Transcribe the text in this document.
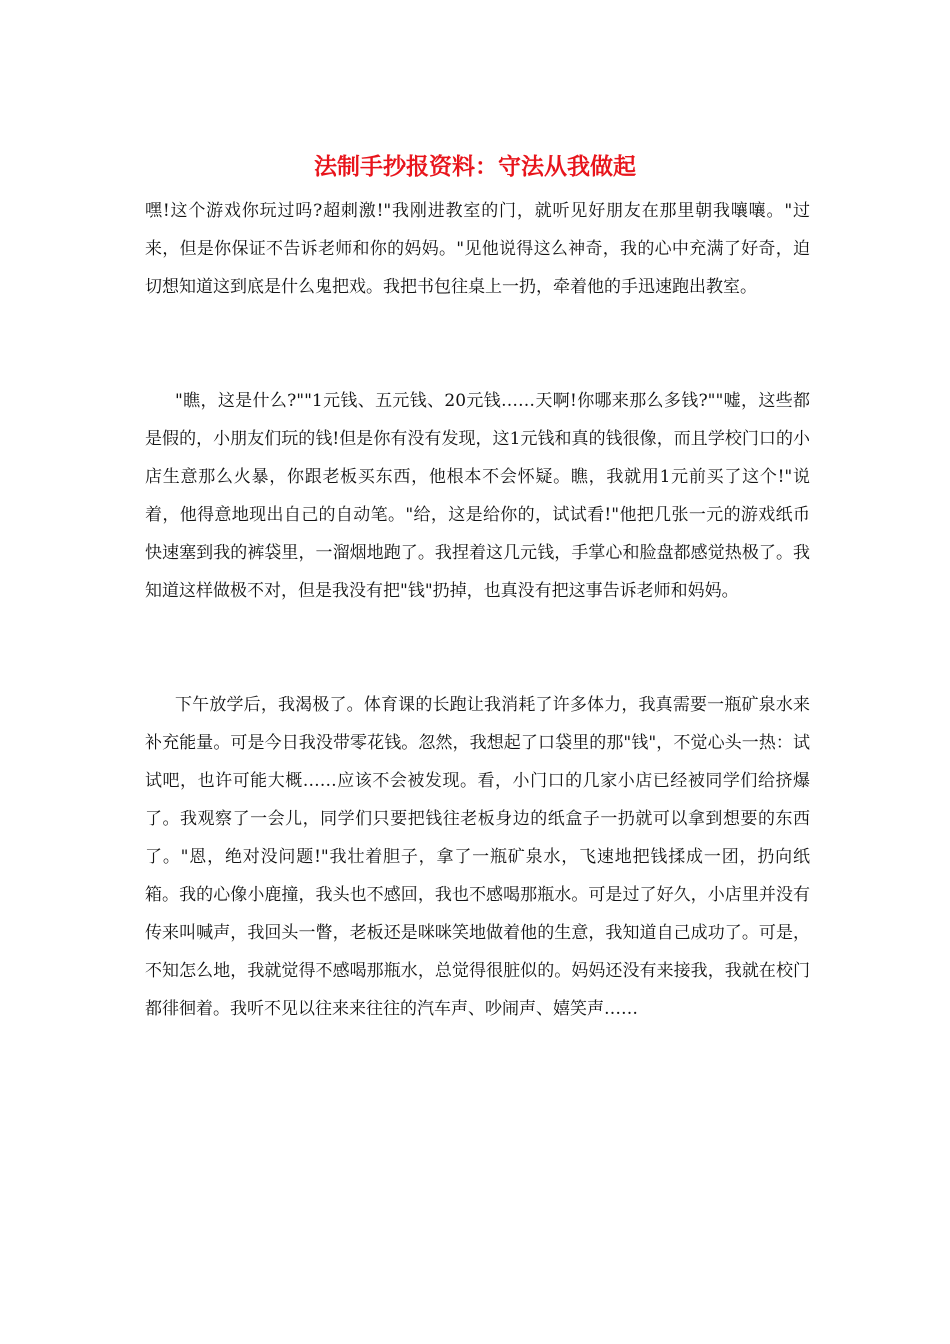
法制手抄报资料：守法从我做起

嘿!这个游戏你玩过吗?超刺激!"我刚进教室的门，就听见好朋友在那里朝我嚷嚷。"过来，但是你保证不告诉老师和你的妈妈。"见他说得这么神奇，我的心中充满了好奇，迫切想知道这到底是什么鬼把戏。我把书包往桌上一扔，牵着他的手迅速跑出教室。

"瞧，这是什么?""1元钱、五元钱、20元钱……天啊!你哪来那么多钱?""嘘，这些都是假的，小朋友们玩的钱!但是你有没有发现，这1元钱和真的钱很像，而且学校门口的小店生意那么火暴，你跟老板买东西，他根本不会怀疑。瞧，我就用1元前买了这个!"说着，他得意地现出自己的自动笔。"给，这是给你的，试试看!"他把几张一元的游戏纸币快速塞到我的裤袋里，一溜烟地跑了。我捏着这几元钱，手掌心和脸盘都感觉热极了。我知道这样做极不对，但是我没有把"钱"扔掉，也真没有把这事告诉老师和妈妈。

下午放学后，我渴极了。体育课的长跑让我消耗了许多体力，我真需要一瓶矿泉水来补充能量。可是今日我没带零花钱。忽然，我想起了口袋里的那"钱"，不觉心头一热：试试吧，也许可能大概……应该不会被发现。看，小门口的几家小店已经被同学们给挤爆了。我观察了一会儿，同学们只要把钱往老板身边的纸盒子一扔就可以拿到想要的东西了。"恩，绝对没问题!"我壮着胆子，拿了一瓶矿泉水，飞速地把钱揉成一团，扔向纸箱。我的心像小鹿撞，我头也不感回，我也不感喝那瓶水。可是过了好久，小店里并没有传来叫喊声，我回头一瞥，老板还是咪咪笑地做着他的生意，我知道自己成功了。可是，不知怎么地，我就觉得不感喝那瓶水，总觉得很脏似的。妈妈还没有来接我，我就在校门都徘徊着。我听不见以往来来往往的汽车声、吵闹声、嬉笑声……
